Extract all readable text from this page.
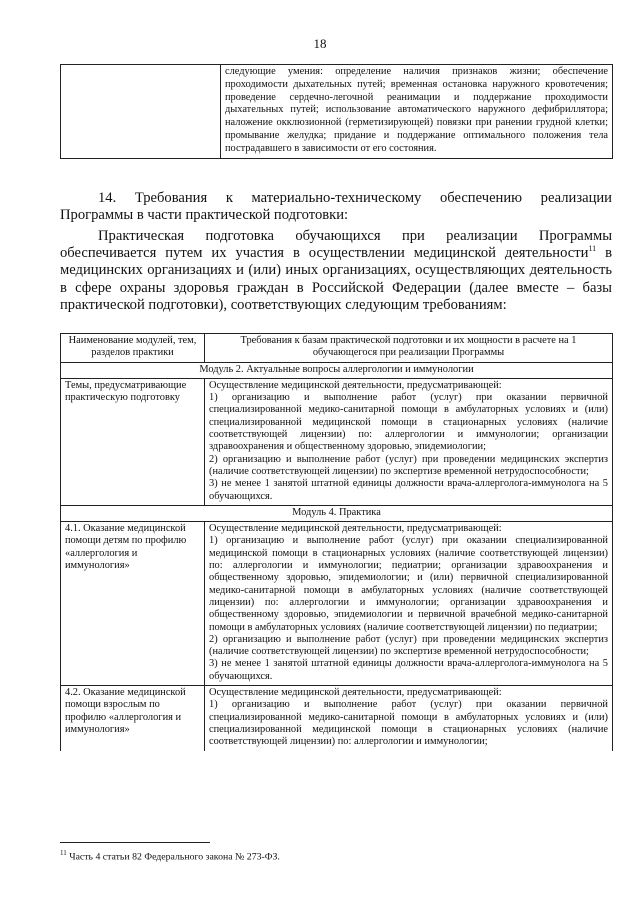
18
	следующие умения: определение наличия признаков жизни; обеспечение проходимости дыхательных путей; временная остановка наружного кровотечения; проведение сердечно-легочной реанимации и поддержание проходимости дыхательных путей; использование автоматического наружного дефибриллятора; наложение окклюзионной (герметизирующей) повязки при ранении грудной клетки; промывание желудка; придание и поддержание оптимального положения тела пострадавшего в зависимости от его состояния.

14. Требования к материально-техническому обеспечению реализации Программы в части практической подготовки:

Практическая подготовка обучающихся при реализации Программы обеспечивается путем их участия в осуществлении медицинской деятельности$^{11}$ в медицинских организациях и (или) иных организациях, осуществляющих деятельность в сфере охраны здоровья граждан в Российской Федерации (далее вместе – базы практической подготовки), соответствующих следующим требованиям:

Наименование модулей, тем, разделов практики	Требования к базам практической подготовки и их мощности в расчете на 1 обучающегося при реализации Программы
Модуль 2. Актуальные вопросы аллергологии и иммунологии	
Темы, предусматривающие практическую подготовку	Осуществление медицинской деятельности, предусматривающей:
1) организацию и выполнение работ (услуг) при оказании первичной специализированной медико-санитарной помощи в амбулаторных условиях и (или) специализированной медицинской помощи в стационарных условиях (наличие соответствующей лицензии) по: аллергологии и иммунологии; организации здравоохранения и общественному здоровью, эпидемиологии;
2) организацию и выполнение работ (услуг) при проведении медицинских экспертиз (наличие соответствующей лицензии) по экспертизе временной нетрудоспособности;
3) не менее 1 занятой штатной единицы должности врача-аллерголога-иммунолога на 5 обучающихся.

Модуль 4. Практика	
4.1. Оказание медицинской помощи детям по профилю «аллергология и иммунология»	Осуществление медицинской деятельности, предусматривающей:
1) организацию и выполнение работ (услуг) при оказании специализированной медицинской помощи в стационарных условиях (наличие соответствующей лицензии) по: аллергологии и иммунологии; педиатрии; организации здравоохранения и общественному здоровью, эпидемиологии; и (или) первичной специализированной медико-санитарной помощи в амбулаторных условиях (наличие соответствующей лицензии) по: аллергологии и иммунологии; организации здравоохранения и общественному здоровью, эпидемиологии и первичной врачебной медико-санитарной помощи в амбулаторных условиях (наличие соответствующей лицензии) по педиатрии;
2) организацию и выполнение работ (услуг) при проведении медицинских экспертиз (наличие соответствующей лицензии) по экспертизе временной нетрудоспособности;
3) не менее 1 занятой штатной единицы должности врача-аллерголога-иммунолога на 5 обучающихся.

4.2. Оказание медицинской помощи взрослым по профилю «аллергология и иммунология»	Осуществление медицинской деятельности, предусматривающей:
1) организацию и выполнение работ (услуг) при оказании первичной специализированной медико-санитарной помощи в амбулаторных условиях и (или) специализированной медицинской помощи в стационарных условиях (наличие соответствующей лицензии) по: аллергологии и иммунологии;
$^{11}$ Часть 4 статьи 82 Федерального закона № 273-ФЗ.
